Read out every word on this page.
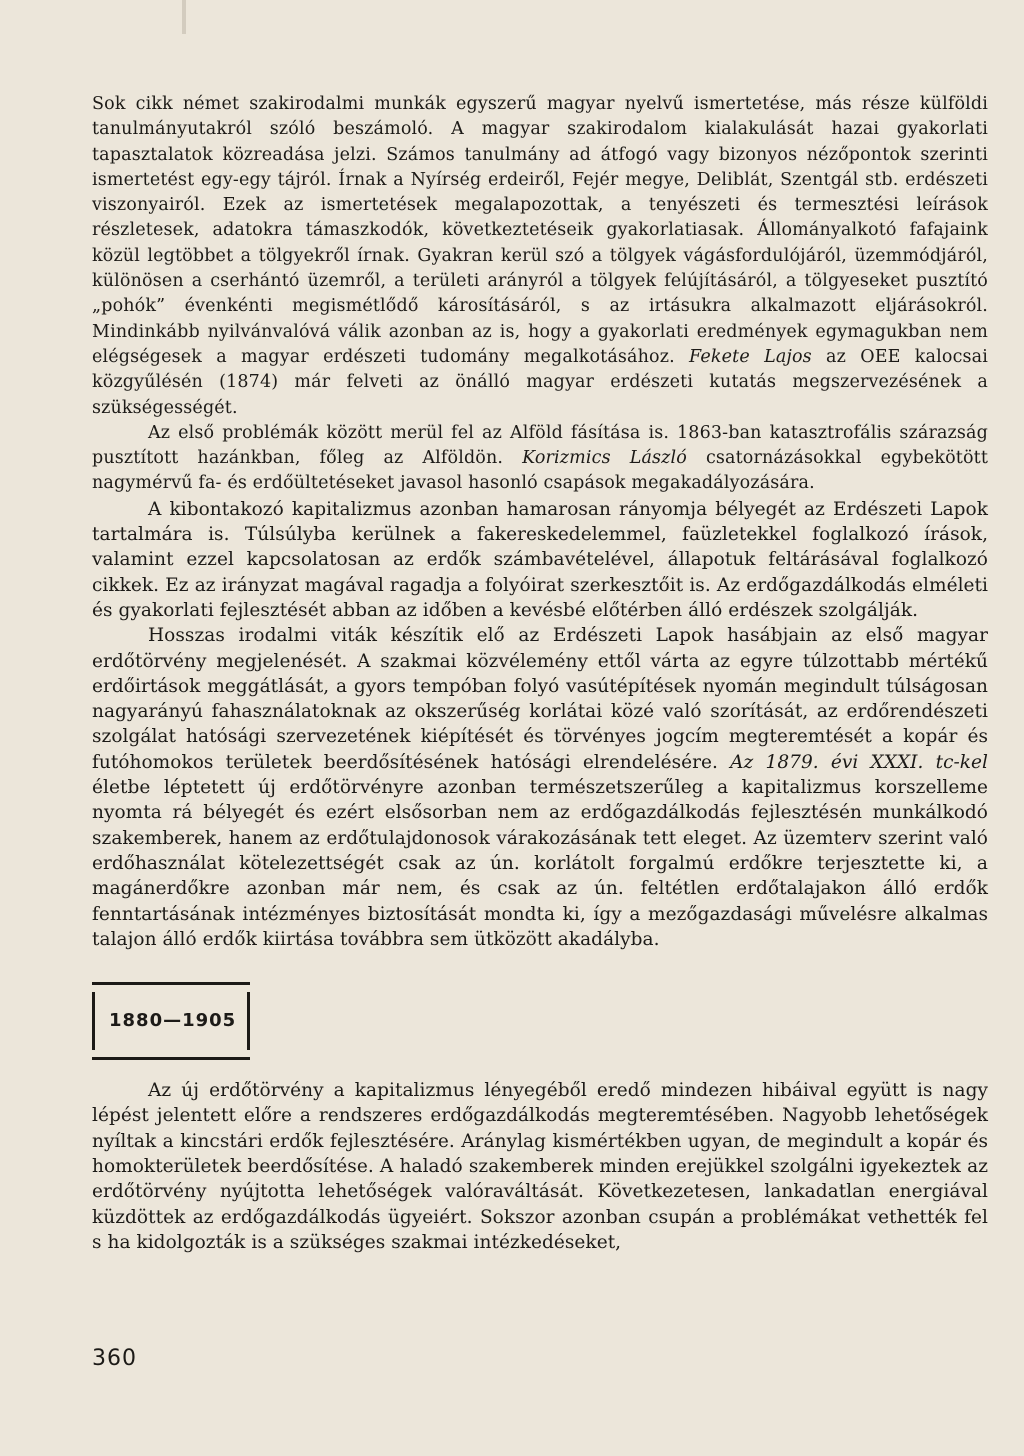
Sok cikk német szakirodalmi munkák egyszerű magyar nyelvű ismertetése, más része külföldi tanulmányutakról szóló beszámoló. A magyar szakirodalom kialakulását hazai gyakorlati tapasztalatok közreadása jelzi. Számos tanulmány ad átfogó vagy bizonyos nézőpontok szerinti ismertetést egy-egy tájról. Írnak a Nyírség erdeiről, Fejér megye, Deliblát, Szentgál stb. erdészeti viszonyairól. Ezek az ismertetések megalapozottak, a tenyészeti és termesztési leírások részletesek, adatokra támaszkodók, következtetéseik gyakorlatiasak. Állományalkotó fafajaink közül legtöbbet a tölgyekről írnak. Gyakran kerül szó a tölgyek vágásfordulójáról, üzemmódjáról, különösen a cserhántó üzemről, a területi arányról a tölgyek felújításáról, a tölgyeseket pusztító „pohók” évenkénti megismétlődő károsításáról, s az irtásukra alkalmazott eljárásokról. Mindinkább nyilvánvalóvá válik azonban az is, hogy a gyakorlati eredmények egymagukban nem elégségesek a magyar erdészeti tudomány megalkotásához. Fekete Lajos az OEE kalocsai közgyűlésén (1874) már felveti az önálló magyar erdészeti kutatás megszervezésének a szükségességét.

Az első problémák között merül fel az Alföld fásítása is. 1863-ban katasztrofális szárazság pusztított hazánkban, főleg az Alföldön. Korizmics László csatornázásokkal egybekötött nagymérvű fa- és erdőültetéseket javasol hasonló csapások megakadályozására.

A kibontakozó kapitalizmus azonban hamarosan rányomja bélyegét az Erdészeti Lapok tartalmára is. Túlsúlyba kerülnek a fakereskedelemmel, faüzletekkel foglalkozó írások, valamint ezzel kapcsolatosan az erdők számbavételével, állapotuk feltárásával foglalkozó cikkek. Ez az irányzat magával ragadja a folyóirat szerkesztőit is. Az erdőgazdálkodás elméleti és gyakorlati fejlesztését abban az időben a kevésbé előtérben álló erdészek szolgálják.

Hosszas irodalmi viták készítik elő az Erdészeti Lapok hasábjain az első magyar erdőtörvény megjelenését. A szakmai közvélemény ettől várta az egyre túlzottabb mértékű erdőirtások meggátlását, a gyors tempóban folyó vasútépítések nyomán megindult túlságosan nagyarányú fahasználatoknak az okszerűség korlátai közé való szorítását, az erdőrendészeti szolgálat hatósági szervezetének kiépítését és törvényes jogcím megteremtését a kopár és futóhomokos területek beerdősítésének hatósági elrendelésére. Az 1879. évi XXXI. tc-kel életbe léptetett új erdőtörvényre azonban természetszerűleg a kapitalizmus korszelleme nyomta rá bélyegét és ezért elsősorban nem az erdőgazdálkodás fejlesztésén munkálkodó szakemberek, hanem az erdőtulajdonosok várakozásának tett eleget. Az üzemterv szerint való erdőhasználat kötelezettségét csak az ún. korlátolt forgalmú erdőkre terjesztette ki, a magánerdőkre azonban már nem, és csak az ún. feltétlen erdőtalajakon álló erdők fenntartásának intézményes biztosítását mondta ki, így a mezőgazdasági művelésre alkalmas talajon álló erdők kiirtása továbbra sem ütközött akadályba.

1880—1905

Az új erdőtörvény a kapitalizmus lényegéből eredő mindezen hibáival együtt is nagy lépést jelentett előre a rendszeres erdőgazdálkodás megteremtésében. Nagyobb lehetőségek nyíltak a kincstári erdők fejlesztésére. Aránylag kismértékben ugyan, de megindult a kopár és homokterületek beerdősítése. A haladó szakemberek minden erejükkel szolgálni igyekeztek az erdőtörvény nyújtotta lehetőségek valóraváltását. Következetesen, lankadatlan energiával küzdöttek az erdőgazdálkodás ügyeiért. Sokszor azonban csupán a problémákat vethették fel s ha kidolgozták is a szükséges szakmai intézkedéseket,

360
